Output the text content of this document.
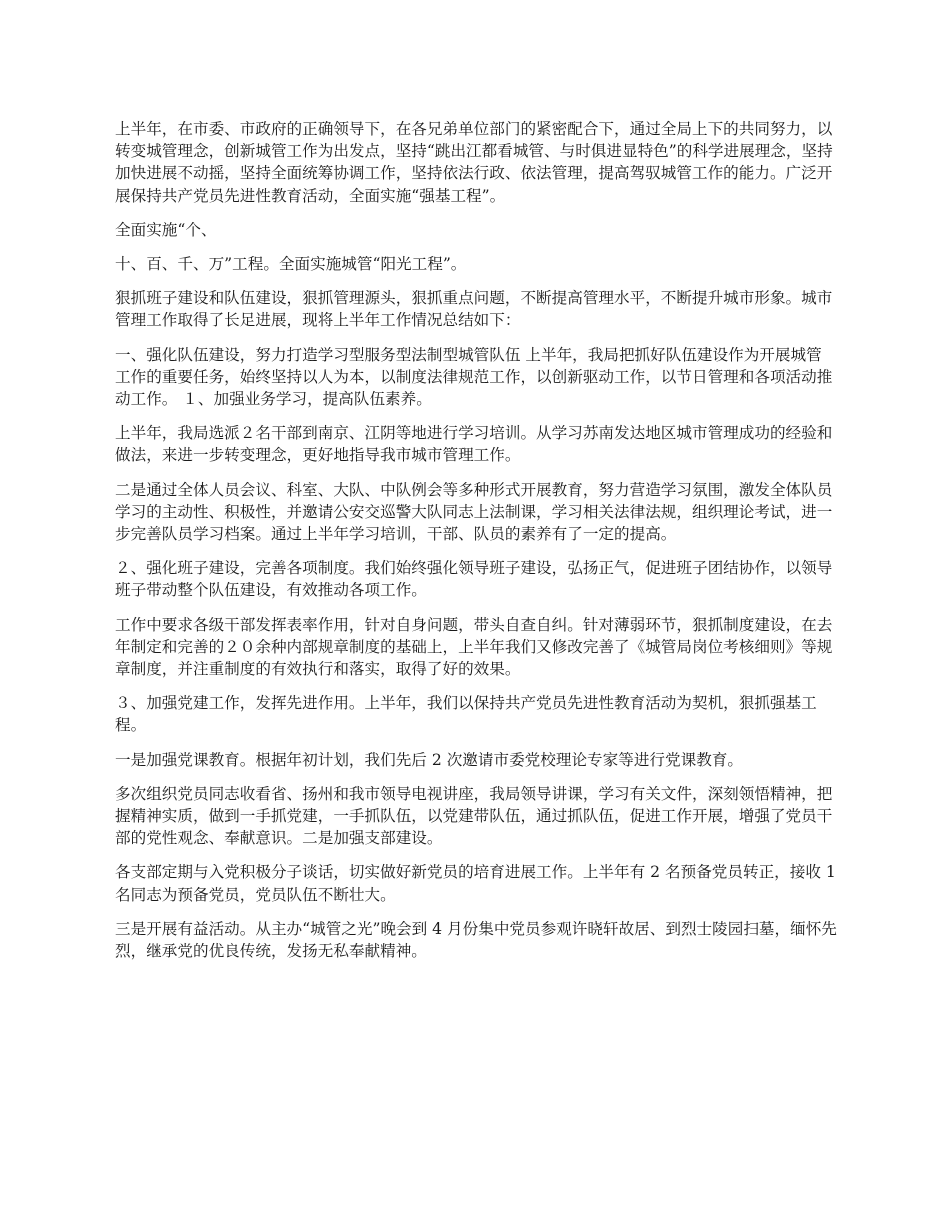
上半年，在市委、市政府的正确领导下，在各兄弟单位部门的紧密配合下，通过全局上下的共同努力，以转变城管理念，创新城管工作为出发点，坚持“跳出江都看城管、与时俱进显特色”的科学进展理念，坚持加快进展不动摇，坚持全面统筹协调工作，坚持依法行政、依法管理，提高驾驭城管工作的能力。广泛开展保持共产党员先进性教育活动，全面实施“强基工程”。

全面实施“个、

十、百、千、万”工程。全面实施城管“阳光工程”。

狠抓班子建设和队伍建设，狠抓管理源头，狠抓重点问题，不断提高管理水平，不断提升城市形象。城市管理工作取得了长足进展，现将上半年工作情况总结如下：

一、强化队伍建设，努力打造学习型服务型法制型城管队伍 上半年，我局把抓好队伍建设作为开展城管工作的重要任务，始终坚持以人为本，以制度法律规范工作，以创新驱动工作，以节日管理和各项活动推动工作。 １、加强业务学习，提高队伍素养。

上半年，我局选派２名干部到南京、江阴等地进行学习培训。从学习苏南发达地区城市管理成功的经验和做法，来进一步转变理念，更好地指导我市城市管理工作。

二是通过全体人员会议、科室、大队、中队例会等多种形式开展教育，努力营造学习氛围，激发全体队员学习的主动性、积极性，并邀请公安交巡警大队同志上法制课，学习相关法律法规，组织理论考试，进一步完善队员学习档案。通过上半年学习培训，干部、队员的素养有了一定的提高。

２、强化班子建设，完善各项制度。我们始终强化领导班子建设，弘扬正气，促进班子团结协作，以领导班子带动整个队伍建设，有效推动各项工作。

工作中要求各级干部发挥表率作用，针对自身问题，带头自查自纠。针对薄弱环节，狠抓制度建设，在去年制定和完善的２０余种内部规章制度的基础上，上半年我们又修改完善了《城管局岗位考核细则》等规章制度，并注重制度的有效执行和落实，取得了好的效果。

３、加强党建工作，发挥先进作用。上半年，我们以保持共产党员先进性教育活动为契机，狠抓强基工程。

一是加强党课教育。根据年初计划，我们先后 2 次邀请市委党校理论专家等进行党课教育。

多次组织党员同志收看省、扬州和我市领导电视讲座，我局领导讲课，学习有关文件，深刻领悟精神，把握精神实质，做到一手抓党建，一手抓队伍，以党建带队伍，通过抓队伍，促进工作开展，增强了党员干部的党性观念、奉献意识。二是加强支部建设。

各支部定期与入党积极分子谈话，切实做好新党员的培育进展工作。上半年有 2 名预备党员转正，接收 1 名同志为预备党员，党员队伍不断壮大。

三是开展有益活动。从主办“城管之光”晚会到 4 月份集中党员参观许晓轩故居、到烈士陵园扫墓，缅怀先烈，继承党的优良传统，发扬无私奉献精神。
